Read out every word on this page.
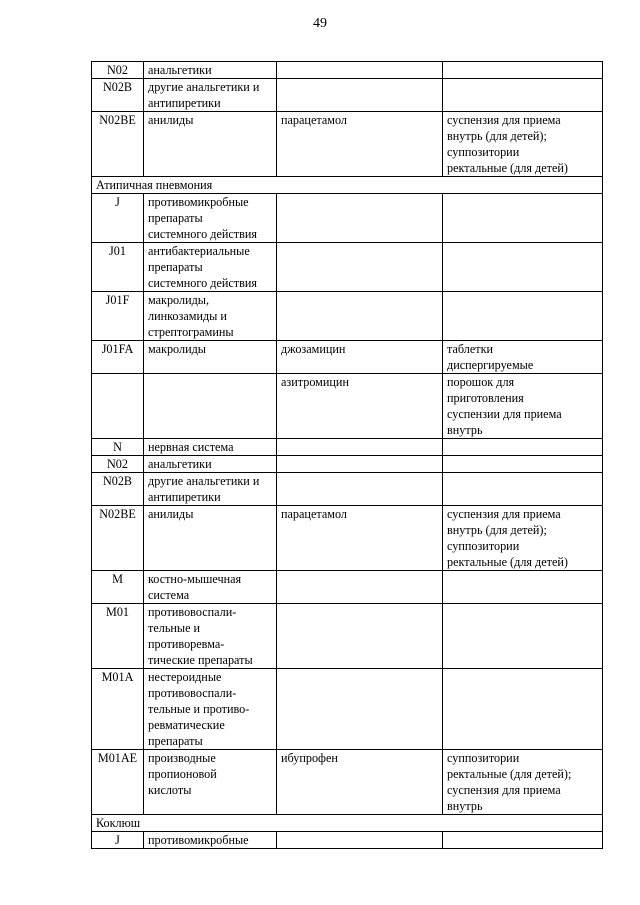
49
N02	анальгетики		
N02B	другие анальгетики и
антипиретики		
N02BE	анилиды	парацетамол	суспензия для приема
внутрь (для детей);
суппозитории
ректальные (для детей)
Атипичная пневмония			
J	противомикробные
препараты
системного действия		
J01	антибактериальные
препараты
системного действия		
J01F	макролиды,
линкозамиды и
стрептограмины		
J01FA	макролиды	джозамицин	таблетки
диспергируемые
		азитромицин	порошок для
приготовления
суспензии для приема
внутрь
N	нервная система		
N02	анальгетики		
N02B	другие анальгетики и
антипиретики		
N02BE	анилиды	парацетамол	суспензия для приема
внутрь (для детей);
суппозитории
ректальные (для детей)
M	костно-мышечная
система		
M01	противовоспали-
тельные и
противоревма-
тические препараты		
M01A	нестероидные
противовоспали-
тельные и противо-
ревматические
препараты		
M01AE	производные
пропионовой
кислоты	ибупрофен	суппозитории
ректальные (для детей);
суспензия для приема
внутрь
Коклюш			
J	противомикробные		
